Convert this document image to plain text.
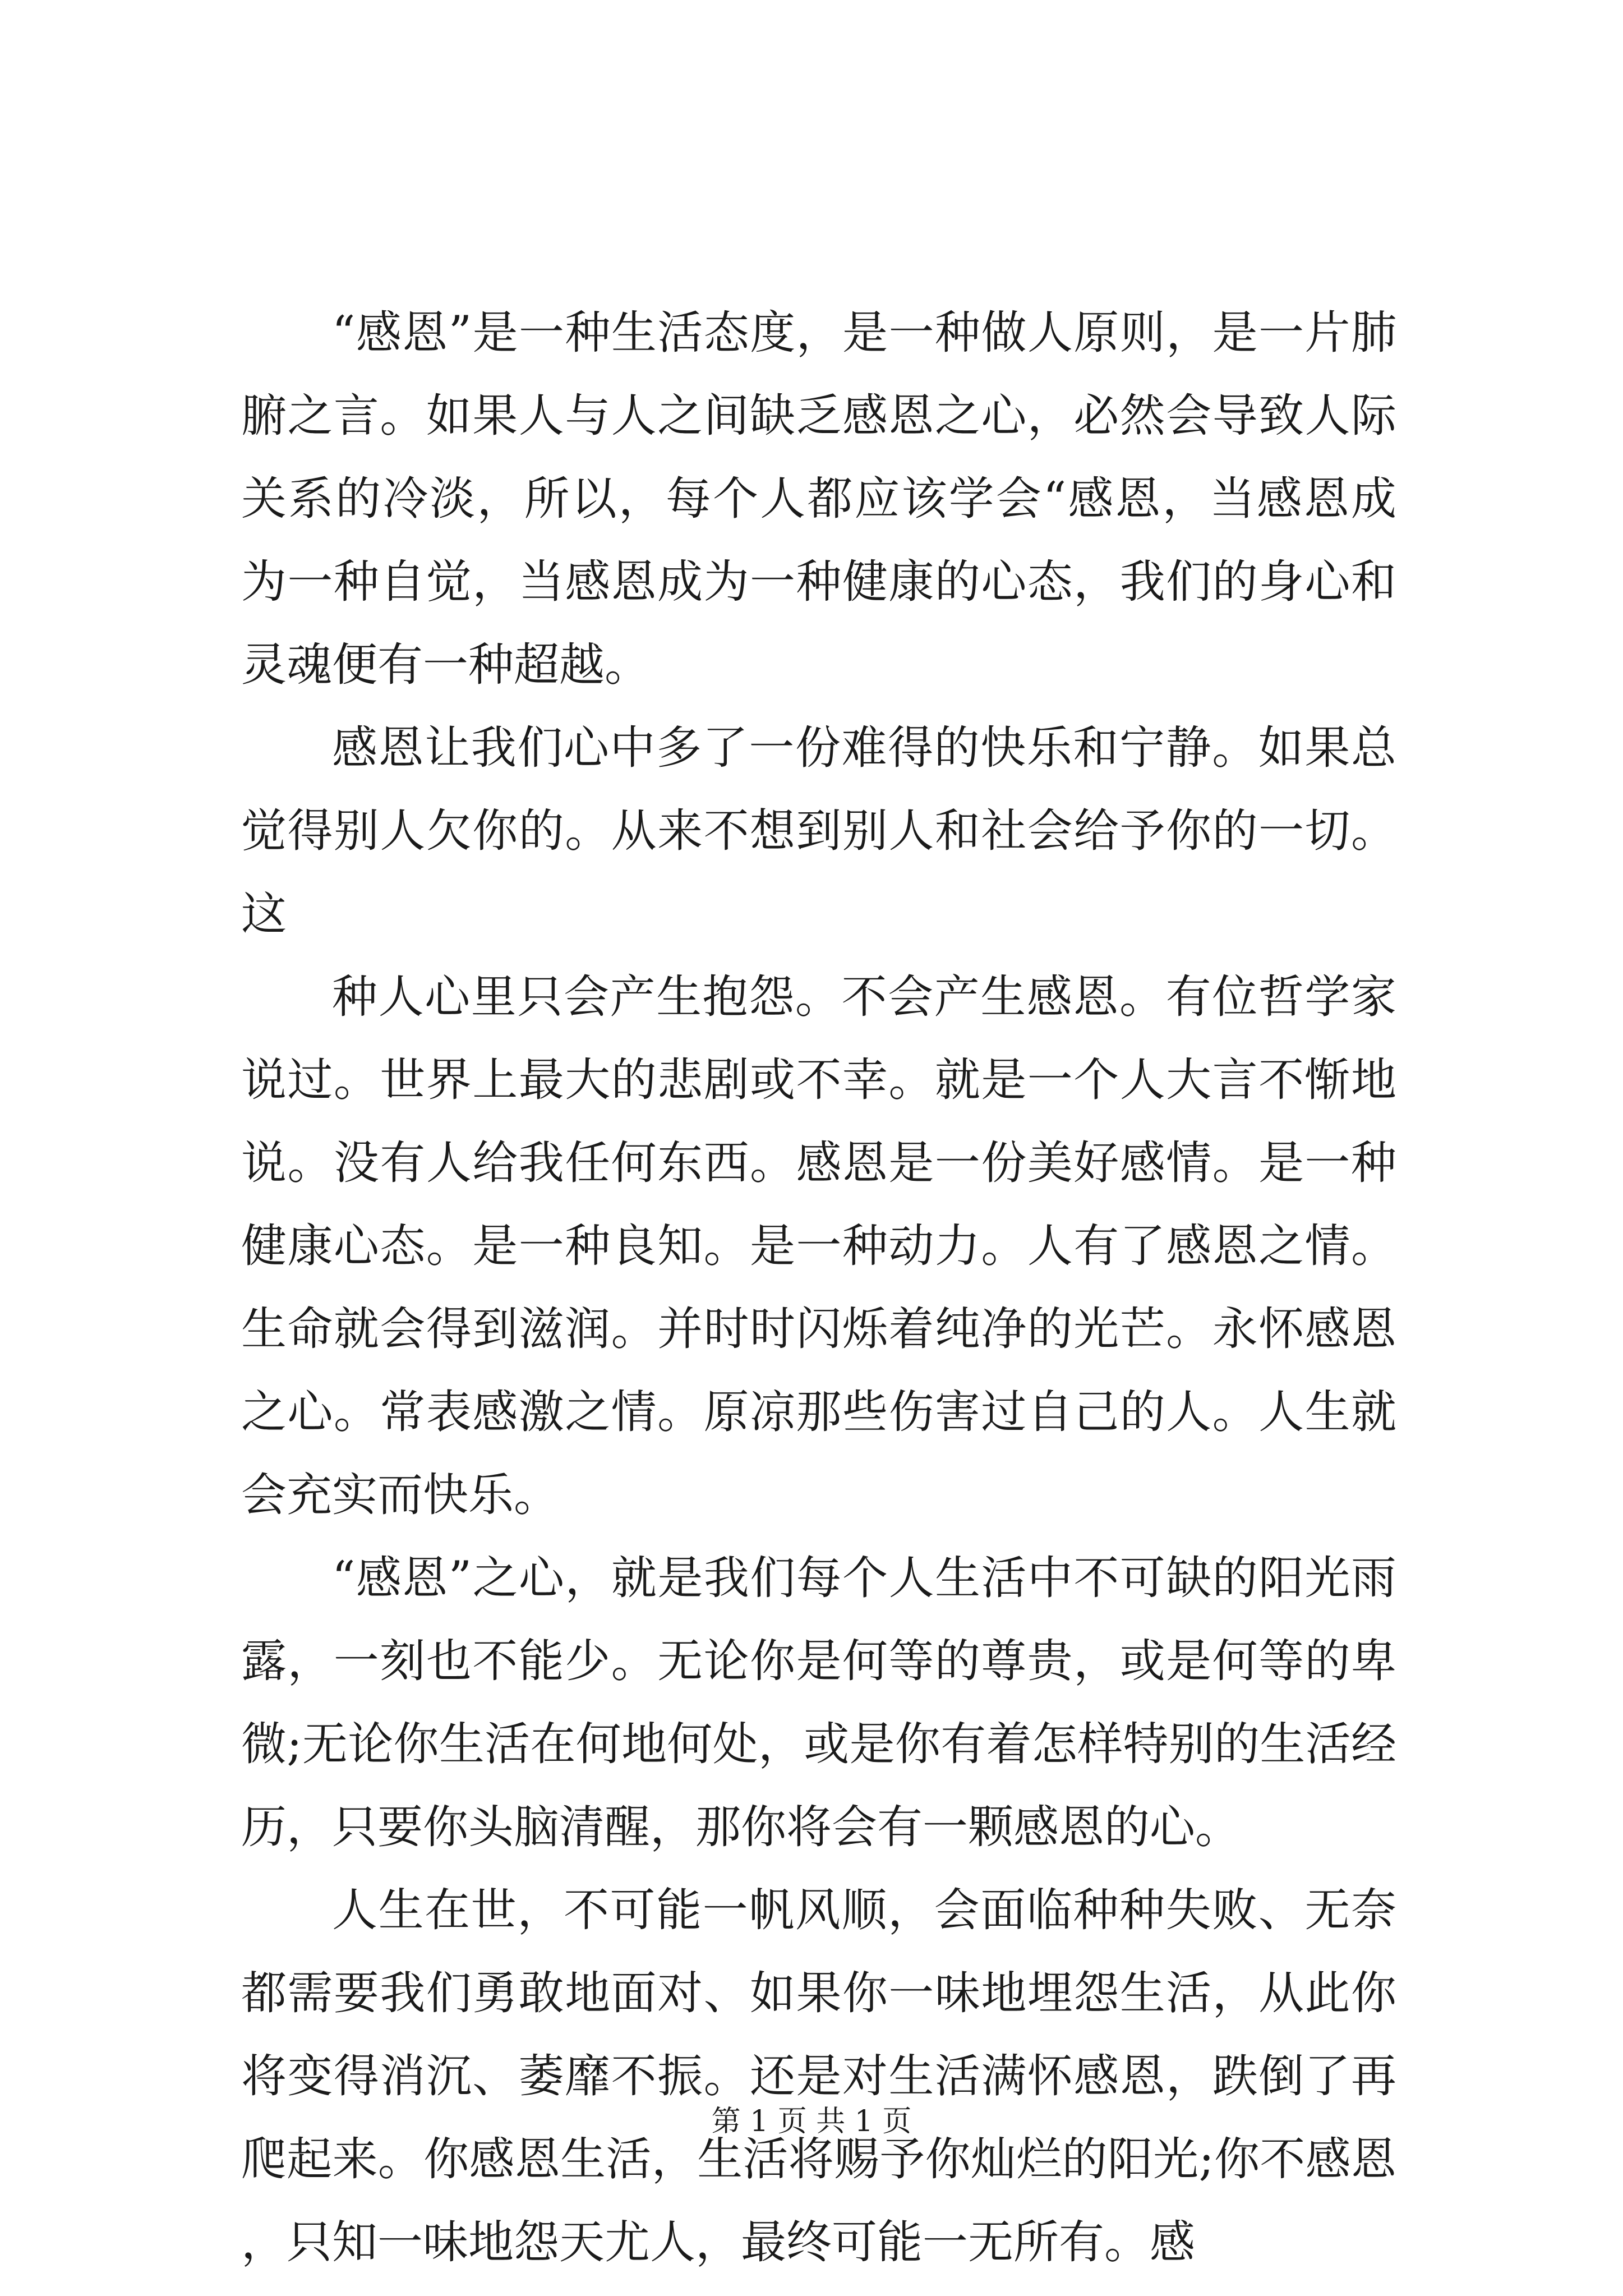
“感恩”是一种生活态度，是一种做人原则，是一片肺腑之言。如果人与人之间缺乏感恩之心，必然会导致人际关系的冷淡，所以，每个人都应该学会“感恩，当感恩成为一种自觉，当感恩成为一种健康的心态，我们的身心和灵魂便有一种超越。

感恩让我们心中多了一份难得的快乐和宁静。如果总觉得别人欠你的。从来不想到别人和社会给予你的一切。这

种人心里只会产生抱怨。不会产生感恩。有位哲学家说过。世界上最大的悲剧或不幸。就是一个人大言不惭地说。没有人给我任何东西。感恩是一份美好感情。是一种健康心态。是一种良知。是一种动力。人有了感恩之情。生命就会得到滋润。并时时闪烁着纯净的光芒。永怀感恩之心。常表感激之情。原凉那些伤害过自己的人。人生就会充实而快乐。

“感恩”之心，就是我们每个人生活中不可缺的阳光雨露，一刻也不能少。无论你是何等的尊贵，或是何等的卑微;无论你生活在何地何处，或是你有着怎样特别的生活经历，只要你头脑清醒，那你将会有一颗感恩的心。

人生在世，不可能一帆风顺，会面临种种失败、无奈都需要我们勇敢地面对、如果你一味地埋怨生活，从此你将变得消沉、萎靡不振。还是对生活满怀感恩，跌倒了再爬起来。你感恩生活，生活将赐予你灿烂的阳光;你不感恩，只知一味地怨天尤人，最终可能一无所有。感

第 1 页 共 1 页
